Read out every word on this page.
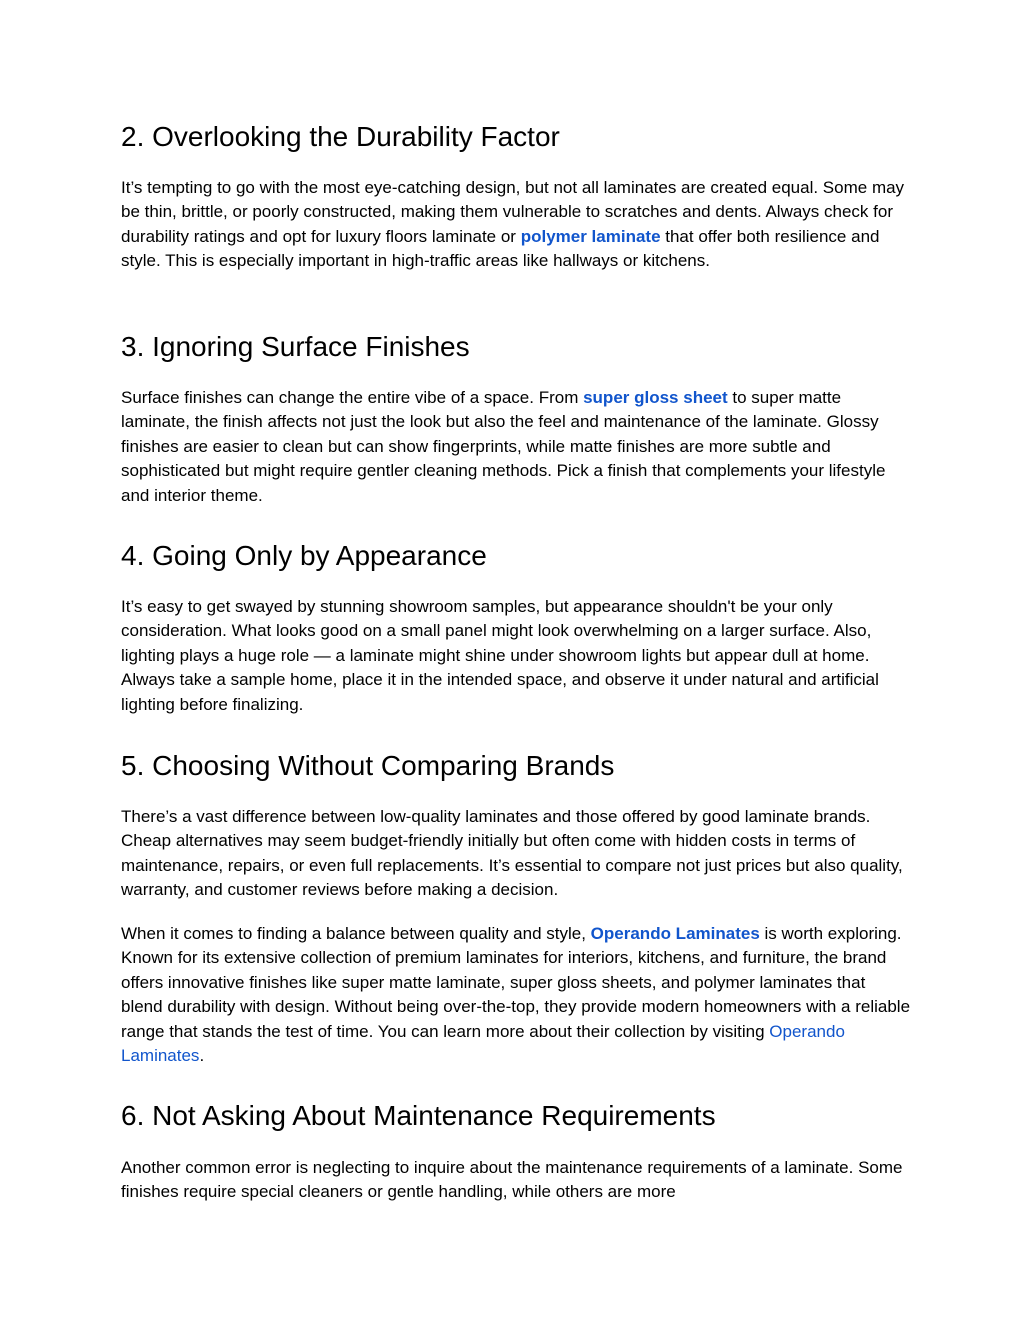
2. Overlooking the Durability Factor

It’s tempting to go with the most eye-catching design, but not all laminates are created equal. Some may be thin, brittle, or poorly constructed, making them vulnerable to scratches and dents. Always check for durability ratings and opt for luxury floors laminate or polymer laminate that offer both resilience and style. This is especially important in high-traffic areas like hallways or kitchens.

3. Ignoring Surface Finishes

Surface finishes can change the entire vibe of a space. From super gloss sheet to super matte laminate, the finish affects not just the look but also the feel and maintenance of the laminate. Glossy finishes are easier to clean but can show fingerprints, while matte finishes are more subtle and sophisticated but might require gentler cleaning methods. Pick a finish that complements your lifestyle and interior theme.

4. Going Only by Appearance

It’s easy to get swayed by stunning showroom samples, but appearance shouldn't be your only consideration. What looks good on a small panel might look overwhelming on a larger surface. Also, lighting plays a huge role — a laminate might shine under showroom lights but appear dull at home. Always take a sample home, place it in the intended space, and observe it under natural and artificial lighting before finalizing.

5. Choosing Without Comparing Brands

There’s a vast difference between low-quality laminates and those offered by good laminate brands. Cheap alternatives may seem budget-friendly initially but often come with hidden costs in terms of maintenance, repairs, or even full replacements. It’s essential to compare not just prices but also quality, warranty, and customer reviews before making a decision.

When it comes to finding a balance between quality and style, Operando Laminates is worth exploring. Known for its extensive collection of premium laminates for interiors, kitchens, and furniture, the brand offers innovative finishes like super matte laminate, super gloss sheets, and polymer laminates that blend durability with design. Without being over-the-top, they provide modern homeowners with a reliable range that stands the test of time. You can learn more about their collection by visiting Operando Laminates.

6. Not Asking About Maintenance Requirements

Another common error is neglecting to inquire about the maintenance requirements of a laminate. Some finishes require special cleaners or gentle handling, while others are more
